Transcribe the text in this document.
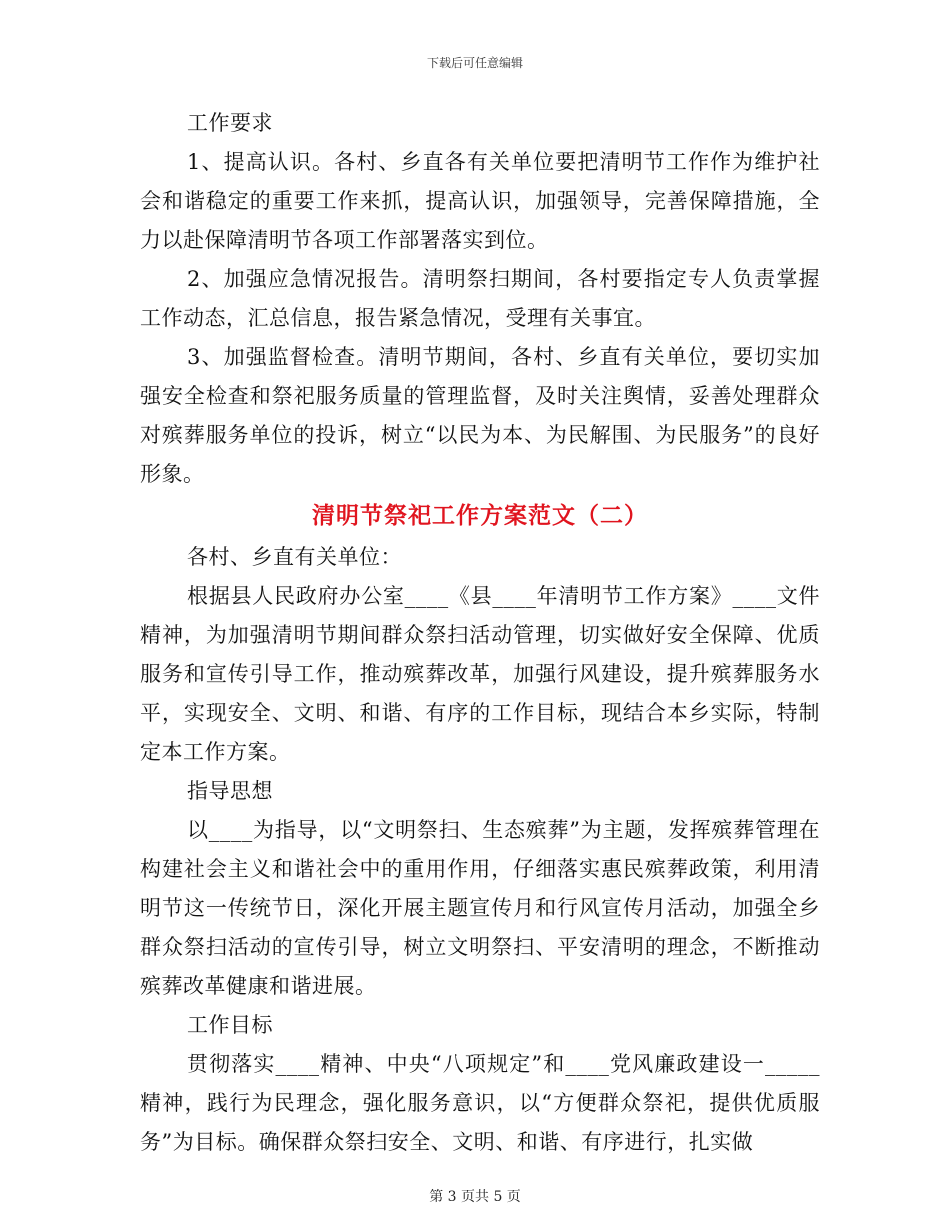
下载后可任意编辑

工作要求

1、提高认识。各村、乡直各有关单位要把清明节工作作为维护社会和谐稳定的重要工作来抓，提高认识，加强领导，完善保障措施，全力以赴保障清明节各项工作部署落实到位。

2、加强应急情况报告。清明祭扫期间，各村要指定专人负责掌握工作动态，汇总信息，报告紧急情况，受理有关事宜。

3、加强监督检查。清明节期间，各村、乡直有关单位，要切实加强安全检查和祭祀服务质量的管理监督，及时关注舆情，妥善处理群众对殡葬服务单位的投诉，树立“以民为本、为民解围、为民服务”的良好形象。

清明节祭祀工作方案范文（二）

各村、乡直有关单位：

根据县人民政府办公室____《县____年清明节工作方案》____文件精神，为加强清明节期间群众祭扫活动管理，切实做好安全保障、优质服务和宣传引导工作，推动殡葬改革，加强行风建设，提升殡葬服务水平，实现安全、文明、和谐、有序的工作目标，现结合本乡实际，特制定本工作方案。

指导思想

以____为指导，以“文明祭扫、生态殡葬”为主题，发挥殡葬管理在构建社会主义和谐社会中的重用作用，仔细落实惠民殡葬政策，利用清明节这一传统节日，深化开展主题宣传月和行风宣传月活动，加强全乡群众祭扫活动的宣传引导，树立文明祭扫、平安清明的理念，不断推动殡葬改革健康和谐进展。

工作目标

贯彻落实____精神、中央“八项规定”和____党风廉政建设一_____精神，践行为民理念，强化服务意识，以“方便群众祭祀，提供优质服务”为目标。确保群众祭扫安全、文明、和谐、有序进行，扎实做

第 3 页共 5 页
